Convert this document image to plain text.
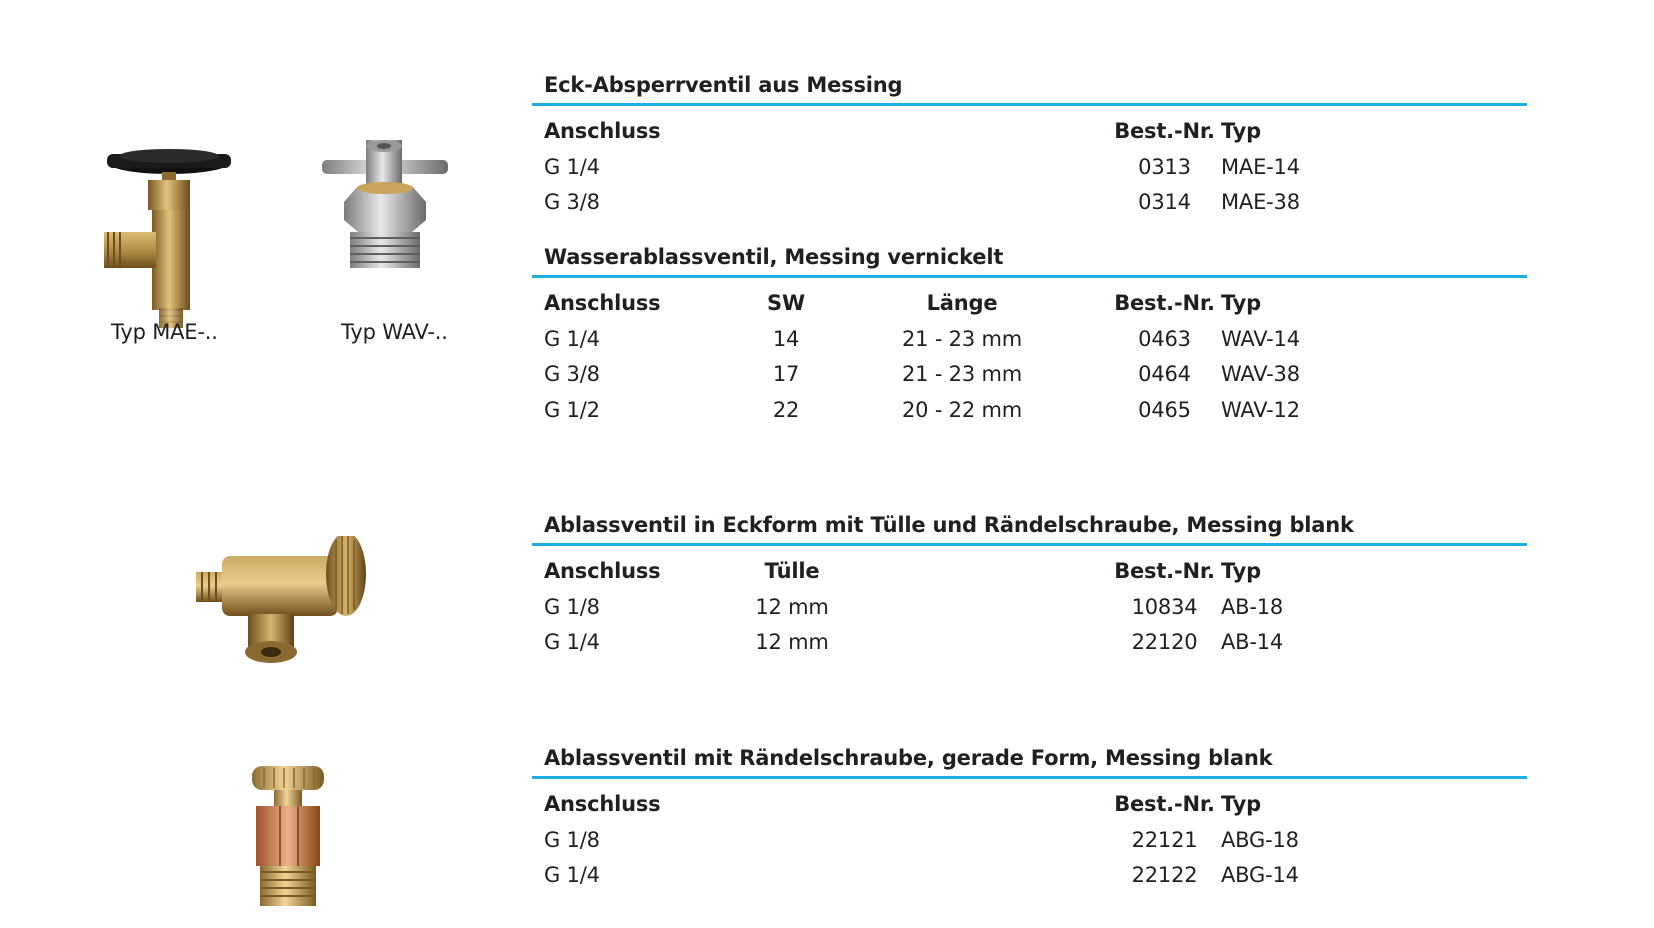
Typ MAE-..	Typ WAV-..
Eck-Absperrventil aus Messing
Anschluss	Best.-Nr. Typ
G 1/4	0313	MAE-14
G 3/8	0314	MAE-38
Wasserablassventil, Messing vernickelt
Anschluss	SW	Länge	Best.-Nr. Typ
G 1/4	14	21 - 23 mm	0463	WAV-14
G 3/8	17	21 - 23 mm	0464	WAV-38
G 1/2	22	20 - 22 mm	0465	WAV-12
Ablassventil in Eckform mit Tülle und Rändelschraube, Messing blank
Anschluss	Tülle	Best.-Nr. Typ
G 1/8	12 mm	10834	AB-18
G 1/4	12 mm	22120	AB-14
Ablassventil mit Rändelschraube, gerade Form, Messing blank
Anschluss	Best.-Nr. Typ
G 1/8	22121	ABG-18
G 1/4	22122	ABG-14
